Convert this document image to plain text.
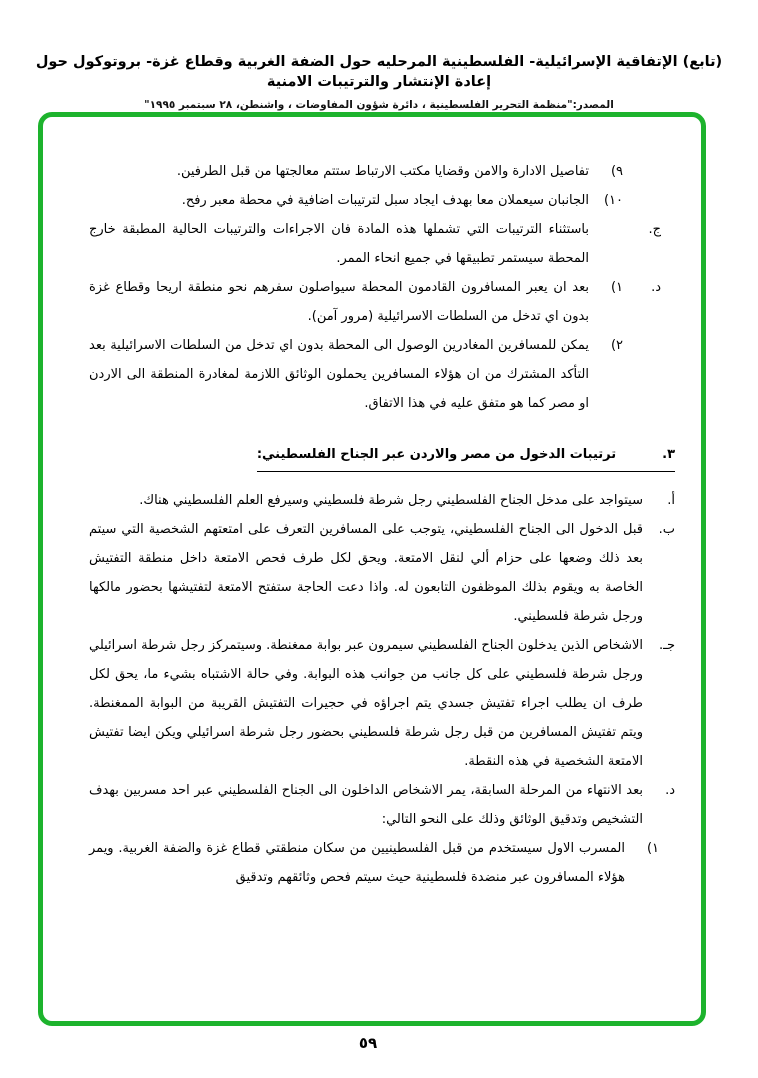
(تابع) الإتفاقية الإسرائيلية- الفلسطينية المرحليه حول الضفة الغربية وقطاع غزة- بروتوكول حول إعادة الإنتشار والترتيبات الامنية
المصدر:"منظمة التحرير الفلسطينية ، دائرة شؤون المفاوضات ، واشنطن، ٢٨ سبتمبر ١٩٩٥"
٩)
تفاصيل الادارة والامن وقضايا مكتب الارتباط ستتم معالجتها من قبل الطرفين.
١٠)
الجانبان سيعملان معا بهدف ايجاد سبل لترتيبات اضافية في محطة معبر رفح.
ج.
باستثناء الترتيبات التي تشملها هذه المادة فان الاجراءات والترتيبات الحالية المطبقة خارج المحطة سيستمر تطبيقها في جميع انحاء الممر.
د.
١)
بعد ان يعبر المسافرون القادمون المحطة سيواصلون سفرهم نحو منطقة اريحا وقطاع غزة بدون اي تدخل من السلطات الاسرائيلية (مرور آمن).
٢)
يمكن للمسافرين المغادرين الوصول الى المحطة بدون اي تدخل من السلطات الاسرائيلية بعد التأكد المشترك من ان هؤلاء المسافرين يحملون الوثائق اللازمة لمغادرة المنطقة الى الاردن او مصر كما هو متفق عليه في هذا الاتفاق.
٣.
ترتيبات الدخول من مصر والاردن عبر الجناح الفلسطيني:
أ.
سيتواجد على مدخل الجناح الفلسطيني رجل شرطة فلسطيني وسيرفع العلم الفلسطيني هناك.
ب.
قبل الدخول الى الجناح الفلسطيني، يتوجب على المسافرين التعرف على امتعتهم الشخصية التي سيتم بعد ذلك وضعها على حزام ألي لنقل الامتعة. ويحق لكل طرف فحص الامتعة داخل منطقة التفتيش الخاصة به ويقوم بذلك الموظفون التابعون له. واذا دعت الحاجة ستفتح الامتعة لتفتيشها بحضور مالكها ورجل شرطة فلسطيني.
جـ.
الاشخاص الذين يدخلون الجناح الفلسطيني سيمرون عبر بوابة ممغنطة. وسيتمركز رجل شرطة اسرائيلي ورجل شرطة فلسطيني على كل جانب من جوانب هذه البوابة. وفي حالة الاشتباه بشيء ما، يحق لكل طرف ان يطلب اجراء تفتيش جسدي يتم اجراؤه في حجيرات التفتيش القريبة من البوابة الممغنطة. ويتم تفتيش المسافرين من قبل رجل شرطة فلسطيني بحضور رجل شرطة اسرائيلي ويكن ايضا تفتيش الامتعة الشخصية في هذه النقطة.
د.
بعد الانتهاء من المرحلة السابقة، يمر الاشخاص الداخلون الى الجناح الفلسطيني عبر احد مسربين بهدف التشخيص وتدقيق الوثائق وذلك على النحو التالي:
١)
المسرب الاول سيستخدم من قبل الفلسطينيين من سكان منطقتي قطاع غزة والضفة الغربية. ويمر هؤلاء المسافرون عبر منضدة فلسطينية حيث سيتم فحص وثائقهم وتدقيق
٥٩
